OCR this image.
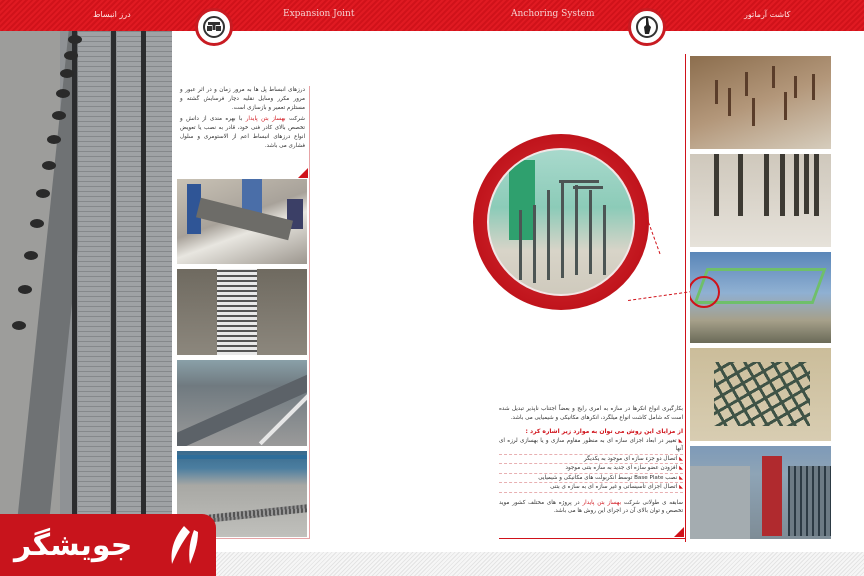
درز انبساط	Expansion Joint	Anchoring System	کاشت آرماتور
درزهای انبساط پل ها به مرور زمان و در اثر عبور و مرور مکرر وسایل نقلیه دچار فرسایش گشته و مستلزم تعمیر و بازسازی است.
شرکت بهساز بتن پایدار با بهره مندی از دانش و تخصص بالای کادر فنی خود، قادر به نصب یا تعویض انواع درزهای انبساط اعم از الاستومری و سلول فشاری می باشد.
بکارگیری انواع انکرها در سازه به امری رایج و بعضاً اجتناب ناپذیر تبدیل شده است که شامل کاشت انواع میلگرد، انکرهای مکانیکی و شیمیایی می باشد.
از مزایای این روش می توان به موارد زیر اشاره کرد :
◣ تغییر در ابعاد اجزای سازه ای به منظور مقاوم سازی و یا بهسازی لرزه ای آنها
◣ اتصال دو جزء سازه ای موجود به یکدیگر
◣ افزودن عضو سازه ای جدید به سازه بتنی موجود
◣ نصب Base Plate توسط انکربولت های مکانیکی و شیمیایی
◣ اتصال اجزای تأسیساتی و غیر سازه ای به سازه ی بتنی
سابقه ی طولانی شرکت بهساز بتن پایدار در پروژه های مختلف کشور موید تخصص و توان بالای آن در اجرای این روش ها می باشد.
جویشگر
